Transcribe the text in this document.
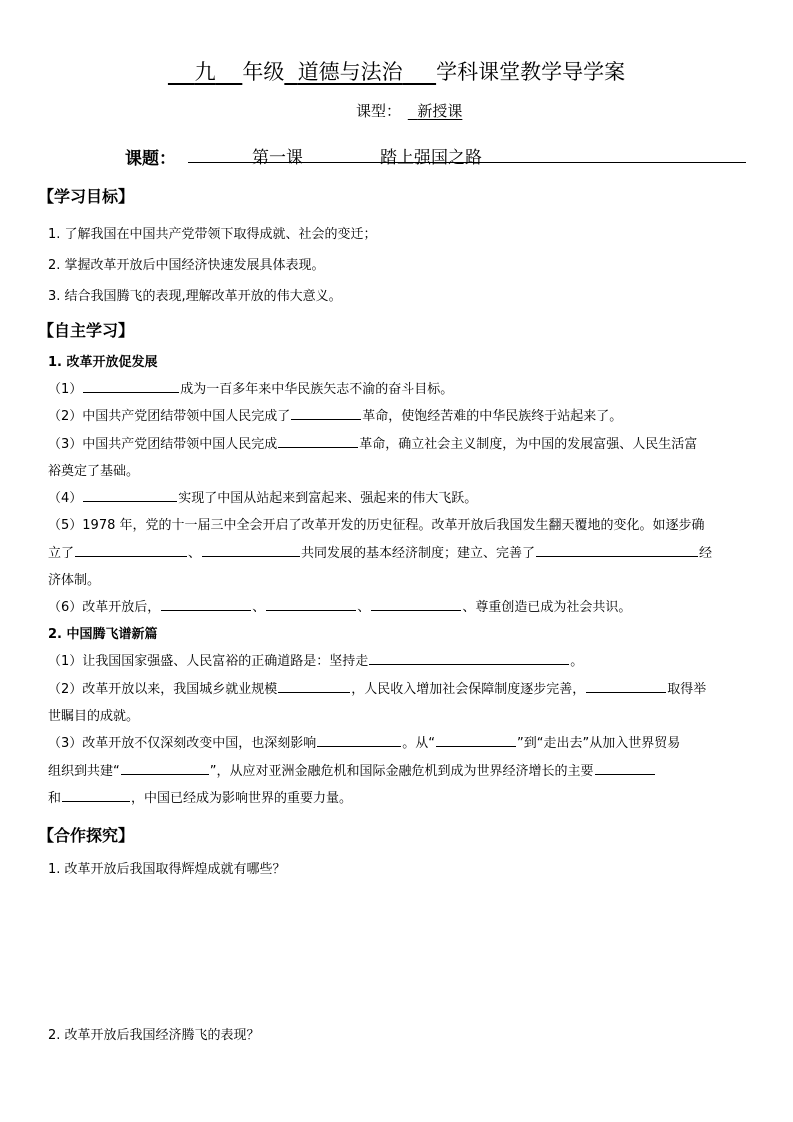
九 年级 道德与法治 学科课堂教学导学案
课型： 新授课
课题：	第一课	踏上强国之路
【学习目标】
1. 了解我国在中国共产党带领下取得成就、社会的变迁；
2. 掌握改革开放后中国经济快速发展具体表现。
3. 结合我国腾飞的表现,理解改革开放的伟大意义。
【自主学习】
1. 改革开放促发展
（1）	成为一百多年来中华民族矢志不渝的奋斗目标。
（2）中国共产党团结带领中国人民完成了	革命，使饱经苦难的中华民族终于站起来了。
（3）中国共产党团结带领中国人民完成	革命，确立社会主义制度，为中国的发展富强、人民生活富
裕奠定了基础。
（4）	实现了中国从站起来到富起来、强起来的伟大飞跃。
（5）1978 年，党的十一届三中全会开启了改革开发的历史征程。改革开放后我国发生翻天覆地的变化。如逐步确
立了	、	共同发展的基本经济制度；建立、完善了	经
济体制。
（6）改革开放后，	、	、	、尊重创造已成为社会共识。
2. 中国腾飞谱新篇
（1）让我国国家强盛、人民富裕的正确道路是：坚持走	。
（2）改革开放以来，我国城乡就业规模	，人民收入增加社会保障制度逐步完善，	取得举
世瞩目的成就。
（3）改革开放不仅深刻改变中国，也深刻影响	。从“	”到“走出去”从加入世界贸易
组织到共建“	”，从应对亚洲金融危机和国际金融危机到成为世界经济增长的主要
和	，中国已经成为影响世界的重要力量。
【合作探究】
1. 改革开放后我国取得辉煌成就有哪些？
2. 改革开放后我国经济腾飞的表现？
